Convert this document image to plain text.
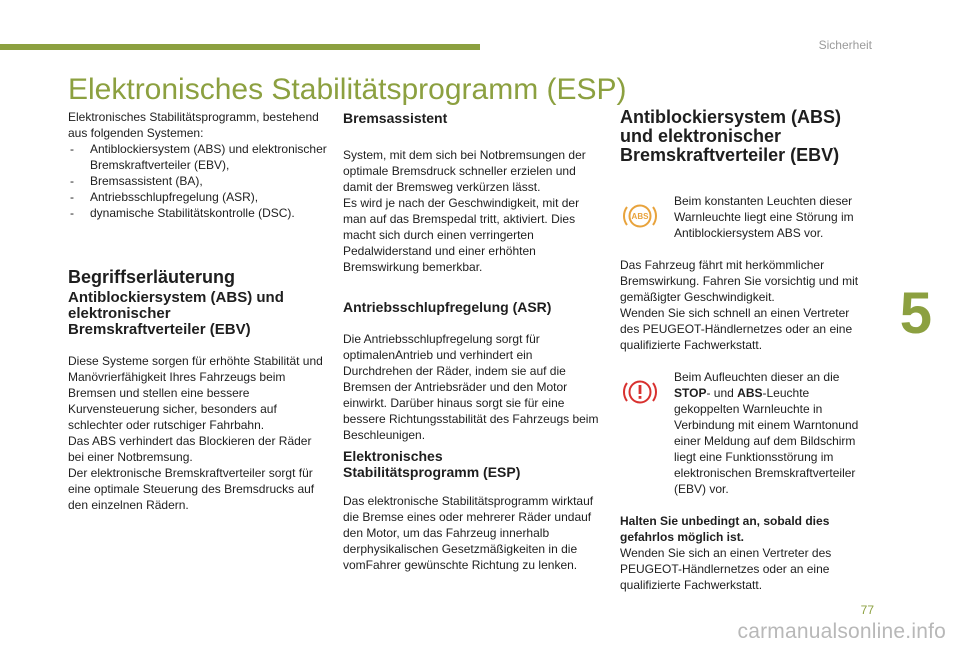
Sicherheit
5
77
carmanualsonline.info
Elektronisches Stabilitätsprogramm (ESP)

Elektronisches Stabilitätsprogramm, bestehend aus folgenden Systemen:

- Antiblockiersystem (ABS) und elektronischer Bremskraftverteiler (EBV),
- Bremsassistent (BA),
- Antriebsschlupfregelung (ASR),
- dynamische Stabilitätskontrolle (DSC).
Begriffserläuterung
Antiblockiersystem (ABS) und elektronischer Bremskraftverteiler (EBV)

Diese Systeme sorgen für erhöhte Stabilität und Manövrierfähigkeit Ihres Fahrzeugs beim Bremsen und stellen eine bessere Kurvensteuerung sicher, besonders auf schlechter oder rutschiger Fahrbahn.

Das ABS verhindert das Blockieren der Räder bei einer Notbremsung.

Der elektronische Bremskraftverteiler sorgt für eine optimale Steuerung des Bremsdrucks auf den einzelnen Rädern.

Bremsassistent

System, mit dem sich bei Notbremsungen der optimale Bremsdruck schneller erzielen und damit der Bremsweg verkürzen lässt.

Es wird je nach der Geschwindigkeit, mit der man auf das Bremspedal tritt, aktiviert. Dies macht sich durch einen verringerten Pedalwiderstand und einer erhöhten Bremswirkung bemerkbar.

Antriebsschlupfregelung (ASR)

Die Antriebsschlupfregelung sorgt für optimalenAntrieb und verhindert ein Durchdrehen der Räder, indem sie auf die Bremsen der Antriebsräder und den Motor einwirkt. Darüber hinaus sorgt sie für eine bessere Richtungsstabilität des Fahrzeugs beim Beschleunigen.

Elektronisches Stabilitätsprogramm (ESP)

Das elektronische Stabilitätsprogramm wirktauf die Bremse eines oder mehrerer Räder undauf den Motor, um das Fahrzeug innerhalb derphysikalischen Gesetzmäßigkeiten in die vomFahrer gewünschte Richtung zu lenken.

Antiblockiersystem (ABS) und elektronischer Bremskraftverteiler (EBV)
ABS

Beim konstanten Leuchten dieser Warnleuchte liegt eine Störung im Antiblockiersystem ABS vor.

Das Fahrzeug fährt mit herkömmlicher Bremswirkung. Fahren Sie vorsichtig und mit gemäßigter Geschwindigkeit.

Wenden Sie sich schnell an einen Vertreter des PEUGEOT-Händlernetzes oder an eine qualifizierte Fachwerkstatt.

Beim Aufleuchten dieser an die STOP- und ABS-Leuchte gekoppelten Warnleuchte in Verbindung mit einem Warntonund einer Meldung auf dem Bildschirm liegt eine Funktionsstörung im elektronischen Bremskraftverteiler (EBV) vor.

Halten Sie unbedingt an, sobald dies gefahrlos möglich ist.

Wenden Sie sich an einen Vertreter des PEUGEOT-Händlernetzes oder an eine qualifizierte Fachwerkstatt.
